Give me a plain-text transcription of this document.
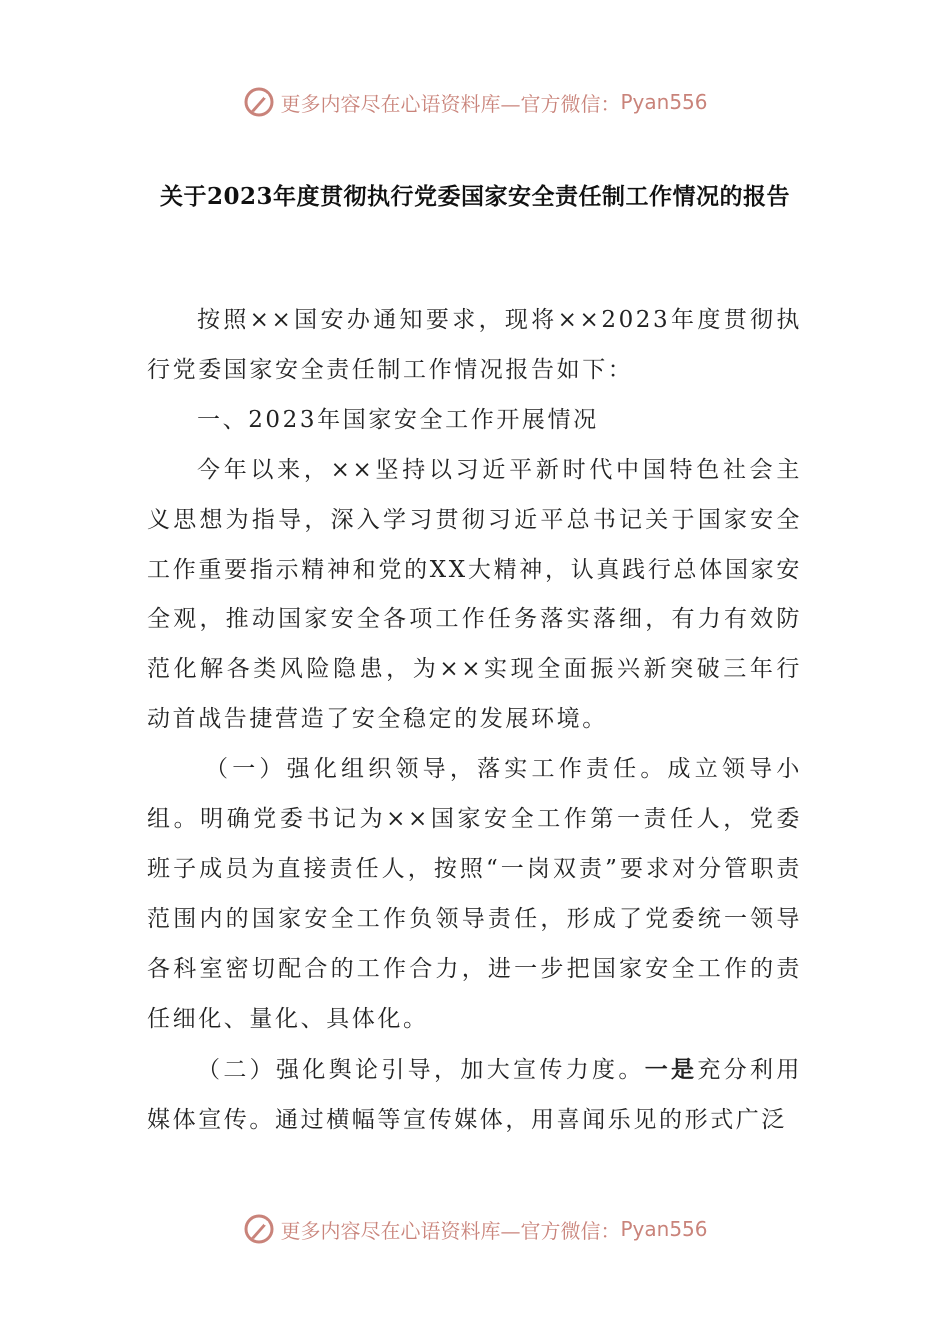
更多内容尽在心语资料库—官方微信： Pyan556
关于2023年度贯彻执行党委国家安全责任制工作情况的报告

按照××国安办通知要求，现将××2023年度贯彻执行党委国家安全责任制工作情况报告如下：

一、2023年国家安全工作开展情况

今年以来，××坚持以习近平新时代中国特色社会主义思想为指导，深入学习贯彻习近平总书记关于国家安全工作重要指示精神和党的XX大精神，认真践行总体国家安全观，推动国家安全各项工作任务落实落细，有力有效防范化解各类风险隐患，为××实现全面振兴新突破三年行动首战告捷营造了安全稳定的发展环境。

（一）强化组织领导，落实工作责任。成立领导小组。明确党委书记为××国家安全工作第一责任人，党委班子成员为直接责任人，按照“一岗双责”要求对分管职责范围内的国家安全工作负领导责任，形成了党委统一领导各科室密切配合的工作合力，进一步把国家安全工作的责任细化、量化、具体化。

（二）强化舆论引导，加大宣传力度。一是充分利用媒体宣传。通过横幅等宣传媒体，用喜闻乐见的形式广泛

更多内容尽在心语资料库—官方微信： Pyan556
